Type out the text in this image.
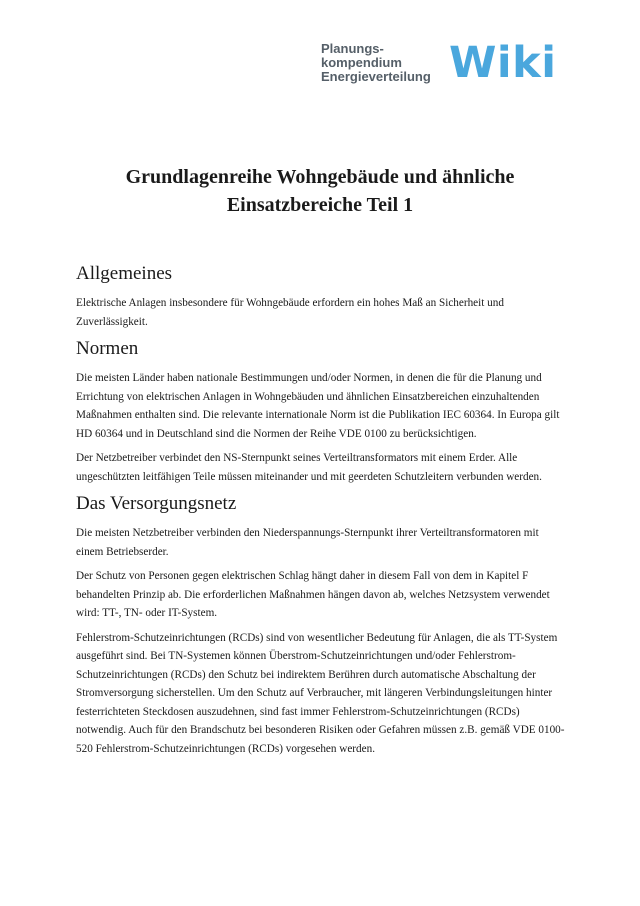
Planungs-
kompendium
Energieverteilung Wiki
Grundlagenreihe Wohngebäude und ähnliche
Einsatzbereiche Teil 1
Allgemeines

Elektrische Anlagen insbesondere für Wohngebäude erfordern ein hohes Maß an Sicherheit und Zuverlässigkeit.

Normen

Die meisten Länder haben nationale Bestimmungen und/oder Normen, in denen die für die Planung und Errichtung von elektrischen Anlagen in Wohngebäuden und ähnlichen Einsatzbereichen einzuhaltenden Maßnahmen enthalten sind. Die relevante internationale Norm ist die Publikation IEC 60364. In Europa gilt HD 60364 und in Deutschland sind die Normen der Reihe VDE 0100 zu berücksichtigen.

Der Netzbetreiber verbindet den NS-Sternpunkt seines Verteiltransformators mit einem Erder. Alle ungeschützten leitfähigen Teile müssen miteinander und mit geerdeten Schutzleitern verbunden werden.

Das Versorgungsnetz

Die meisten Netzbetreiber verbinden den Niederspannungs-Sternpunkt ihrer Verteiltransformatoren mit einem Betriebserder.

Der Schutz von Personen gegen elektrischen Schlag hängt daher in diesem Fall von dem in Kapitel F behandelten Prinzip ab. Die erforderlichen Maßnahmen hängen davon ab, welches Netzsystem verwendet wird: TT-, TN- oder IT-System.

Fehlerstrom-Schutzeinrichtungen (RCDs) sind von wesentlicher Bedeutung für Anlagen, die als TT-System ausgeführt sind. Bei TN-Systemen können Überstrom-Schutzeinrichtungen und/oder Fehlerstrom-Schutzeinrichtungen (RCDs) den Schutz bei indirektem Berühren durch automatische Abschaltung der Stromversorgung sicherstellen. Um den Schutz auf Verbraucher, mit längeren Verbindungsleitungen hinter festerrichteten Steckdosen auszudehnen, sind fast immer Fehlerstrom-Schutzeinrichtungen (RCDs) notwendig. Auch für den Brandschutz bei besonderen Risiken oder Gefahren müssen z.B. gemäß VDE 0100-520 Fehlerstrom-Schutzeinrichtungen (RCDs) vorgesehen werden.
